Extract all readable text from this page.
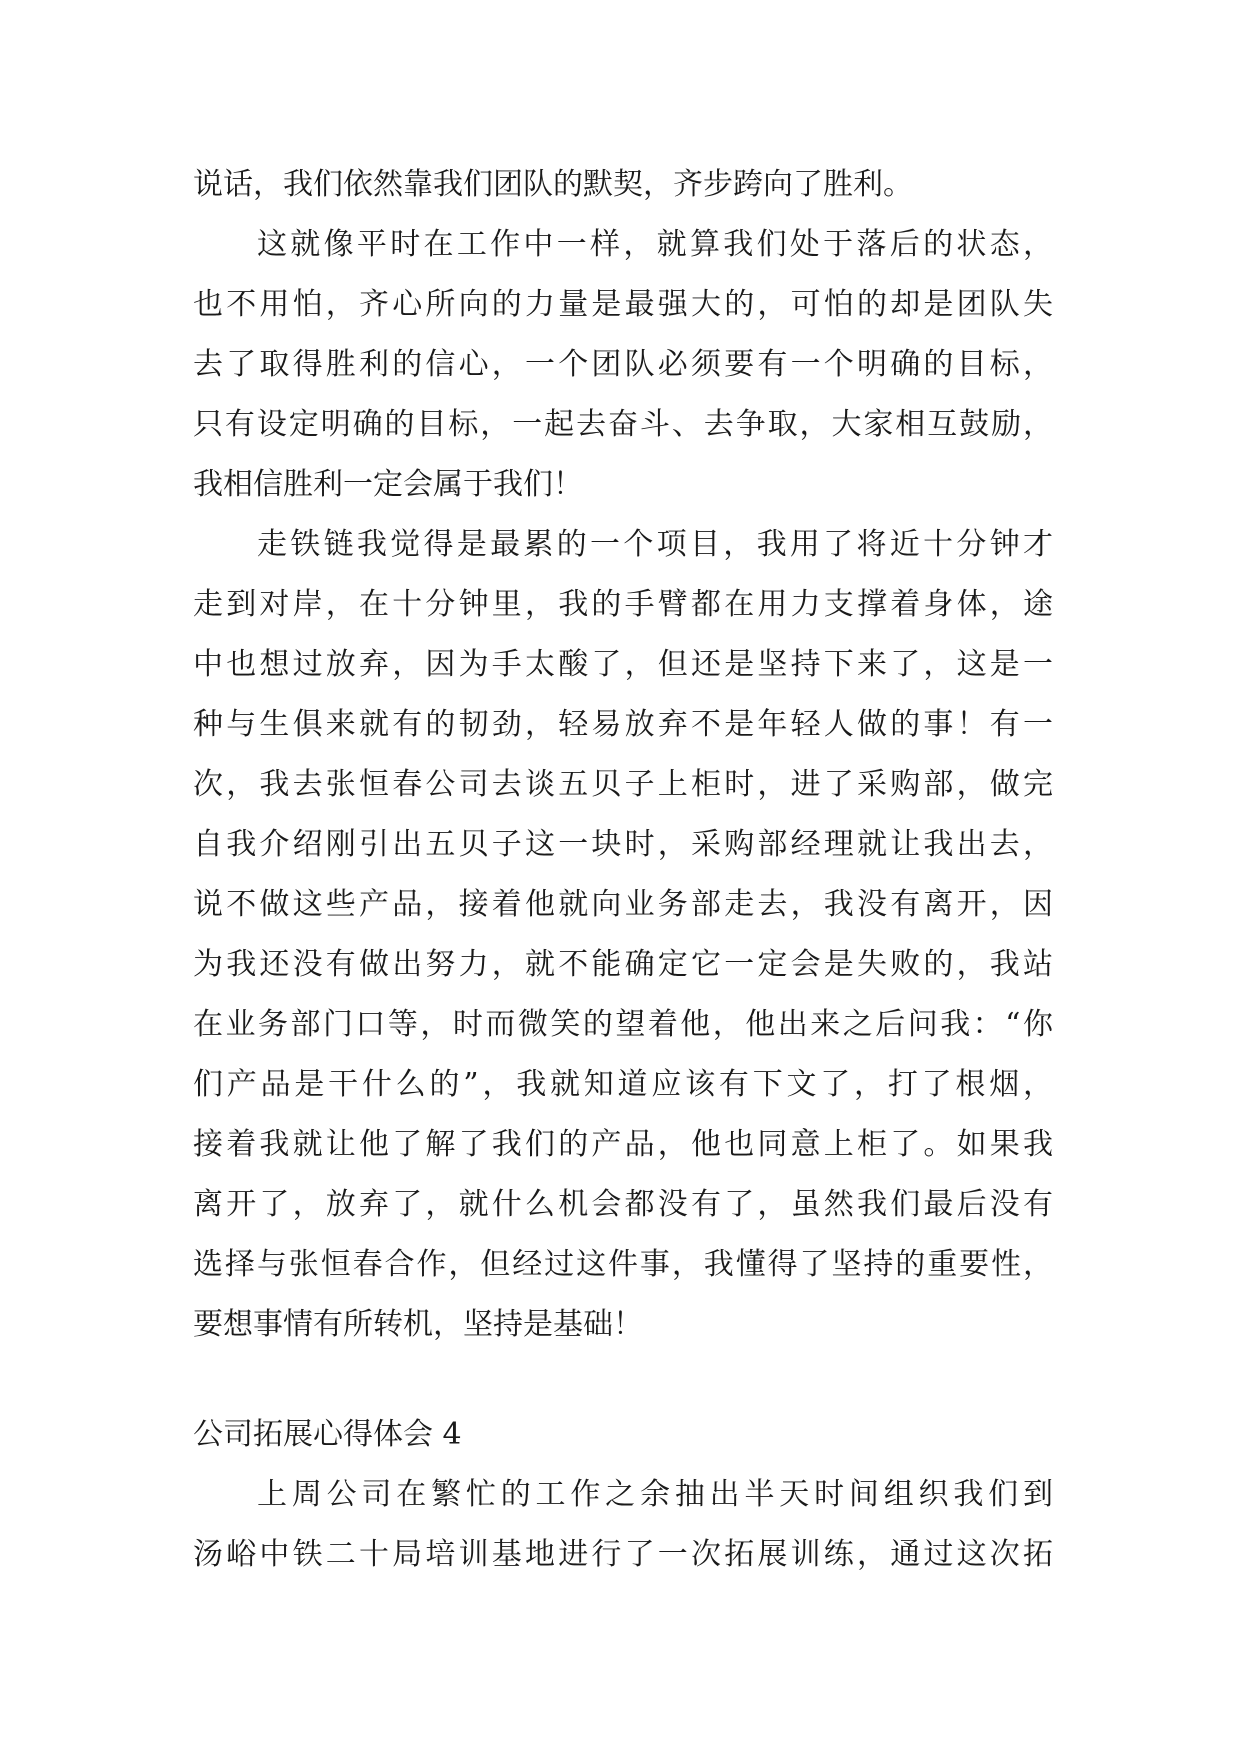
说话，我们依然靠我们团队的默契，齐步跨向了胜利。
这就像平时在工作中一样，就算我们处于落后的状态，
也不用怕，齐心所向的力量是最强大的，可怕的却是团队失
去了取得胜利的信心，一个团队必须要有一个明确的目标，
只有设定明确的目标，一起去奋斗、去争取，大家相互鼓励，
我相信胜利一定会属于我们！
走铁链我觉得是最累的一个项目，我用了将近十分钟才
走到对岸，在十分钟里，我的手臂都在用力支撑着身体，途
中也想过放弃，因为手太酸了，但还是坚持下来了，这是一
种与生俱来就有的韧劲，轻易放弃不是年轻人做的事！有一
次，我去张恒春公司去谈五贝子上柜时，进了采购部，做完
自我介绍刚引出五贝子这一块时，采购部经理就让我出去，
说不做这些产品，接着他就向业务部走去，我没有离开，因
为我还没有做出努力，就不能确定它一定会是失败的，我站
在业务部门口等，时而微笑的望着他，他出来之后问我：“你
们产品是干什么的”，我就知道应该有下文了，打了根烟，
接着我就让他了解了我们的产品，他也同意上柜了。如果我
离开了，放弃了，就什么机会都没有了，虽然我们最后没有
选择与张恒春合作，但经过这件事，我懂得了坚持的重要性，
要想事情有所转机，坚持是基础！
公司拓展心得体会 4
上周公司在繁忙的工作之余抽出半天时间组织我们到
汤峪中铁二十局培训基地进行了一次拓展训练，通过这次拓
